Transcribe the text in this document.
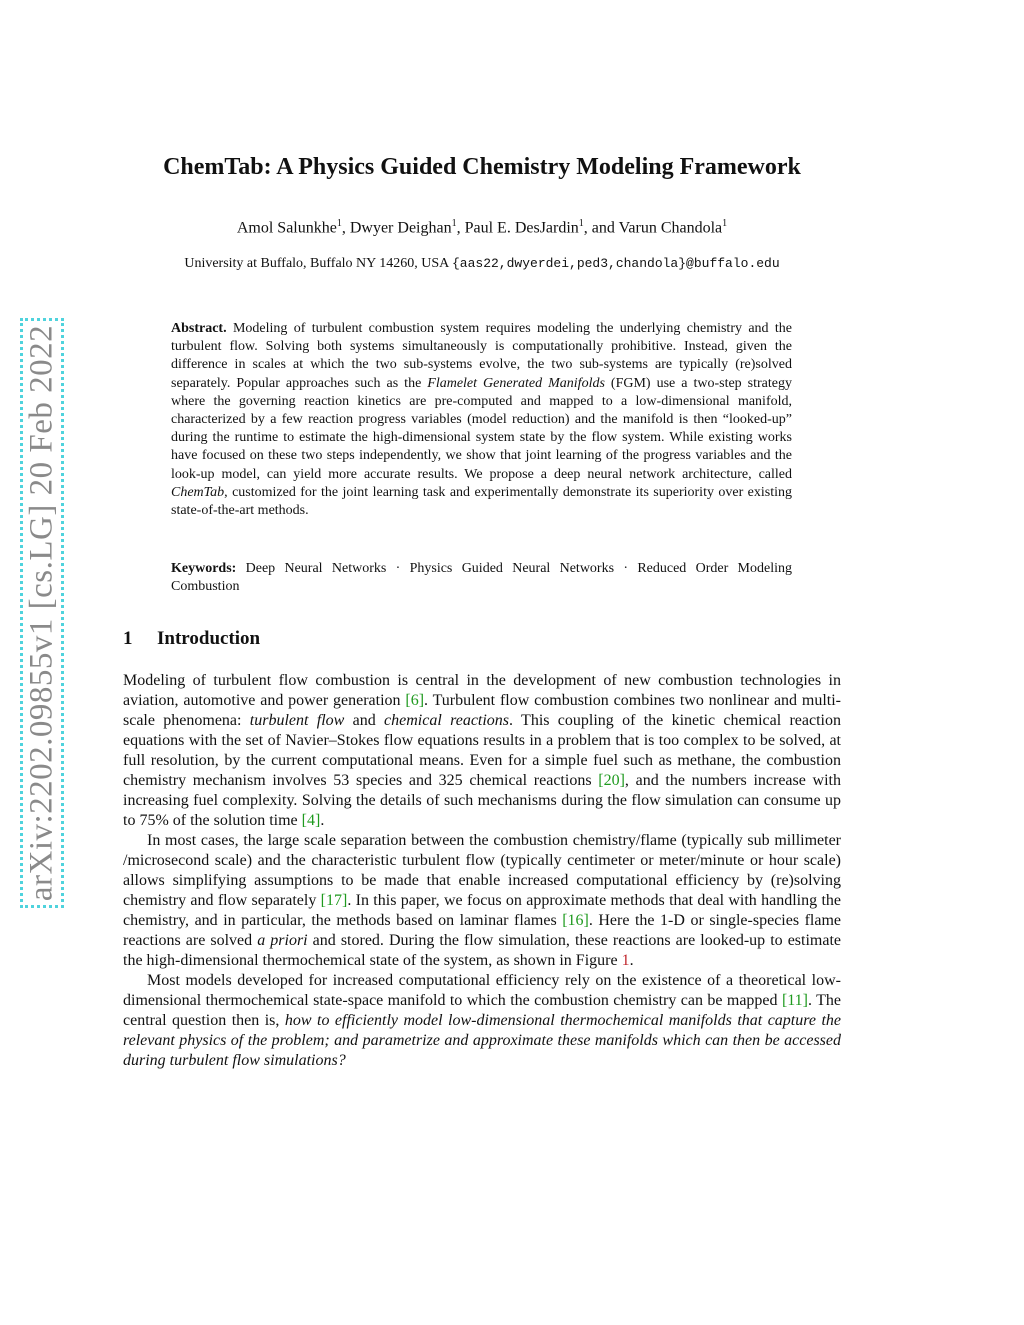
arXiv:2202.09855v1 [cs.LG] 20 Feb 2022
ChemTab: A Physics Guided Chemistry Modeling Framework
Amol Salunkhe$^1$, Dwyer Deighan$^1$, Paul E. DesJardin$^1$, and Varun Chandola$^1$
University at Buffalo, Buffalo NY 14260, USA {aas22,dwyerdei,ped3,chandola}@buffalo.edu

Abstract. Modeling of turbulent combustion system requires modeling the underlying chemistry and the turbulent flow. Solving both systems simultaneously is computationally prohibitive. Instead, given the difference in scales at which the two sub-systems evolve, the two sub-systems are typically (re)solved separately. Popular approaches such as the Flamelet Generated Manifolds (FGM) use a two-step strategy where the governing reaction kinetics are pre-computed and mapped to a low-dimensional manifold, characterized by a few reaction progress variables (model reduction) and the manifold is then “looked-up” during the runtime to estimate the high-dimensional system state by the flow system. While existing works have focused on these two steps independently, we show that joint learning of the progress variables and the look-up model, can yield more accurate results. We propose a deep neural network architecture, called ChemTab, customized for the joint learning task and experimentally demonstrate its superiority over existing state-of-the-art methods.

Keywords: Deep Neural Networks · Physics Guided Neural Networks · Reduced Order Modeling Combustion

1 Introduction

Modeling of turbulent flow combustion is central in the development of new combustion technologies in aviation, automotive and power generation [6]. Turbulent flow combustion combines two nonlinear and multi-scale phenomena: turbulent flow and chemical reactions. This coupling of the kinetic chemical reaction equations with the set of Navier–Stokes flow equations results in a problem that is too complex to be solved, at full resolution, by the current computational means. Even for a simple fuel such as methane, the combustion chemistry mechanism involves 53 species and 325 chemical reactions [20], and the numbers increase with increasing fuel complexity. Solving the details of such mechanisms during the flow simulation can consume up to 75% of the solution time [4].

In most cases, the large scale separation between the combustion chemistry/flame (typically sub millimeter /microsecond scale) and the characteristic turbulent flow (typically centimeter or meter/minute or hour scale) allows simplifying assumptions to be made that enable increased computational efficiency by (re)solving chemistry and flow separately [17]. In this paper, we focus on approximate methods that deal with handling the chemistry, and in particular, the methods based on laminar flames [16]. Here the 1-D or single-species flame reactions are solved a priori and stored. During the flow simulation, these reactions are looked-up to estimate the high-dimensional thermochemical state of the system, as shown in Figure 1.

Most models developed for increased computational efficiency rely on the existence of a theoretical low-dimensional thermochemical state-space manifold to which the combustion chemistry can be mapped [11]. The central question then is, how to efficiently model low-dimensional thermochemical manifolds that capture the relevant physics of the problem; and parametrize and approximate these manifolds which can then be accessed during turbulent flow simulations?
